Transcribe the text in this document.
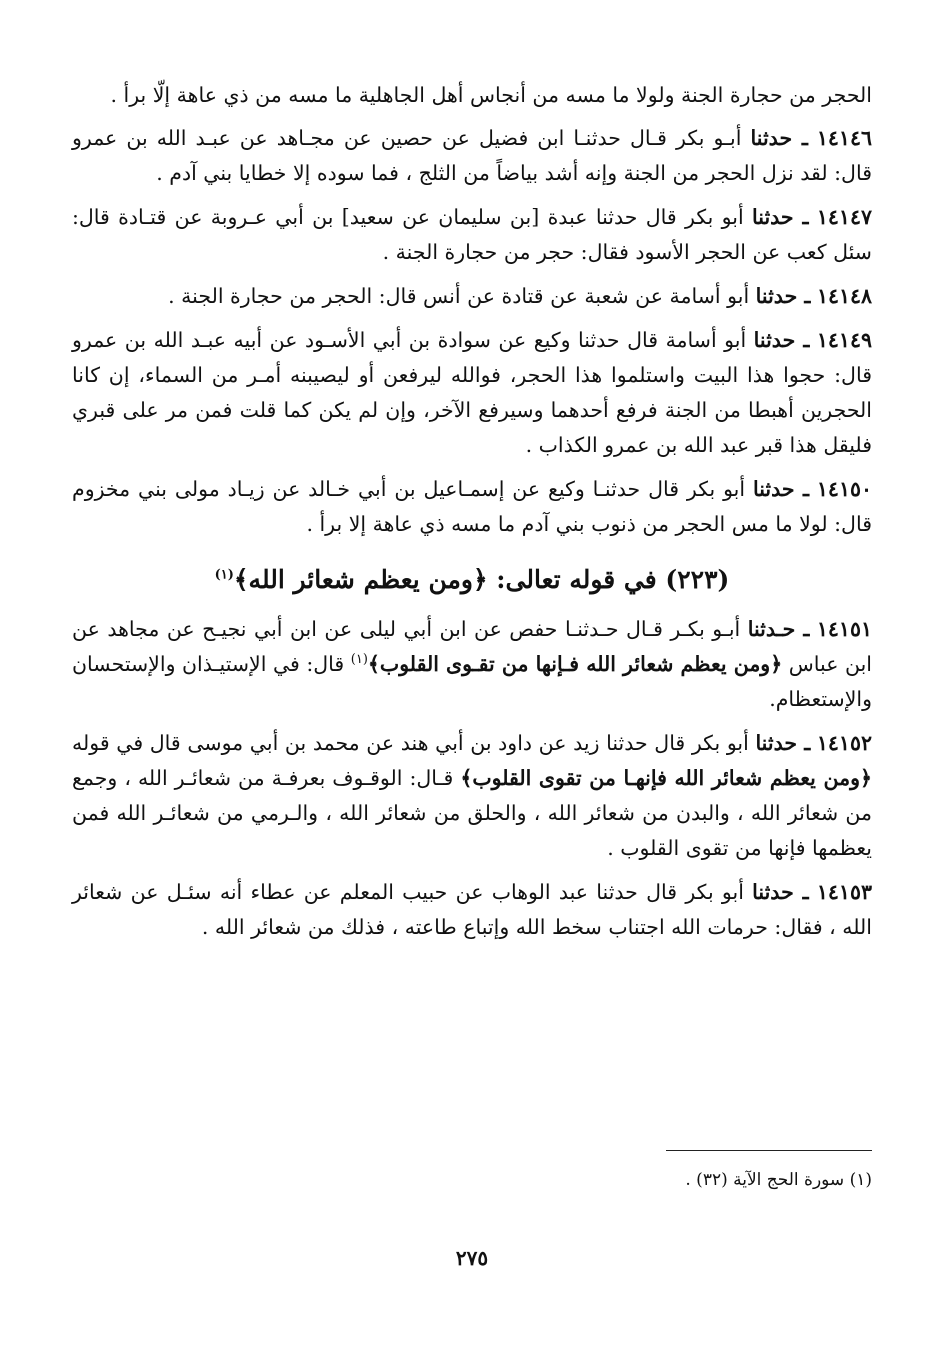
الحجر من حجارة الجنة ولولا ما مسه من أنجاس أهل الجاهلية ما مسه من ذي عاهة إلّا برأ .

١٤١٤٦ ـ حدثنا أبـو بكر قـال حدثنـا ابن فضيل عن حصين عن مجـاهد عن عبـد الله بن عمرو قال: لقد نزل الحجر من الجنة وإنه أشد بياضاً من الثلج ، فما سوده إلا خطايا بني آدم .

١٤١٤٧ ـ حدثنا أبو بكر قال حدثنا عبدة [بن سليمان عن سعيد] بن أبي عـروبة عن قتـادة قال: سئل كعب عن الحجر الأسود فقال: حجر من حجارة الجنة .

١٤١٤٨ ـ حدثنا أبو أسامة عن شعبة عن قتادة عن أنس قال: الحجر من حجارة الجنة .

١٤١٤٩ ـ حدثنا أبو أسامة قال حدثنا وكيع عن سوادة بن أبي الأسـود عن أبيه عبـد الله بن عمرو قال: حجوا هذا البيت واستلموا هذا الحجر، فوالله ليرفعن أو ليصيبنه أمـر من السماء، إن كانا الحجرين أهبطا من الجنة فرفع أحدهما وسيرفع الآخر، وإن لم يكن كما قلت فمن مر على قبري فليقل هذا قبر عبد الله بن عمرو الكذاب .

١٤١٥٠ ـ حدثنا أبو بكر قال حدثنـا وكيع عن إسمـاعيل بن أبي خـالد عن زيـاد مولى بني مخزوم قال: لولا ما مس الحجر من ذنوب بني آدم ما مسه ذي عاهة إلا برأ .

(٢٢٣) في قوله تعالى: ﴿ومن يعظم شعائر الله﴾$^{(١)}$

١٤١٥١ ـ حـدثنا أبـو بكـر قـال حـدثنـا حفص عن ابن أبي ليلى عن ابن أبي نجيـح عن مجاهد عن ابن عباس ﴿ومن يعظم شعائر الله فـإنها من تقـوى القلوب﴾$^{(١)}$ قال: في الإستيـذان والإستحسان والإستعظام.

١٤١٥٢ ـ حدثنا أبو بكر قال حدثنا زيد عن داود بن أبي هند عن محمد بن أبي موسى قال في قوله ﴿ومن يعظم شعائر الله فإنهـا من تقوى القلوب﴾ قـال: الوقـوف بعرفـة من شعائـر الله ، وجمع من شعائر الله ، والبدن من شعائر الله ، والحلق من شعائر الله ، والـرمي من شعائـر الله فمن يعظمها فإنها من تقوى القلوب .

١٤١٥٣ ـ حدثنا أبو بكر قال حدثنا عبد الوهاب عن حبيب المعلم عن عطاء أنه سئـل عن شعائر الله ، فقال: حرمات الله اجتناب سخط الله وإتباع طاعته ، فذلك من شعائر الله .

(١) سورة الحج الآية (٣٢) .
٢٧٥
